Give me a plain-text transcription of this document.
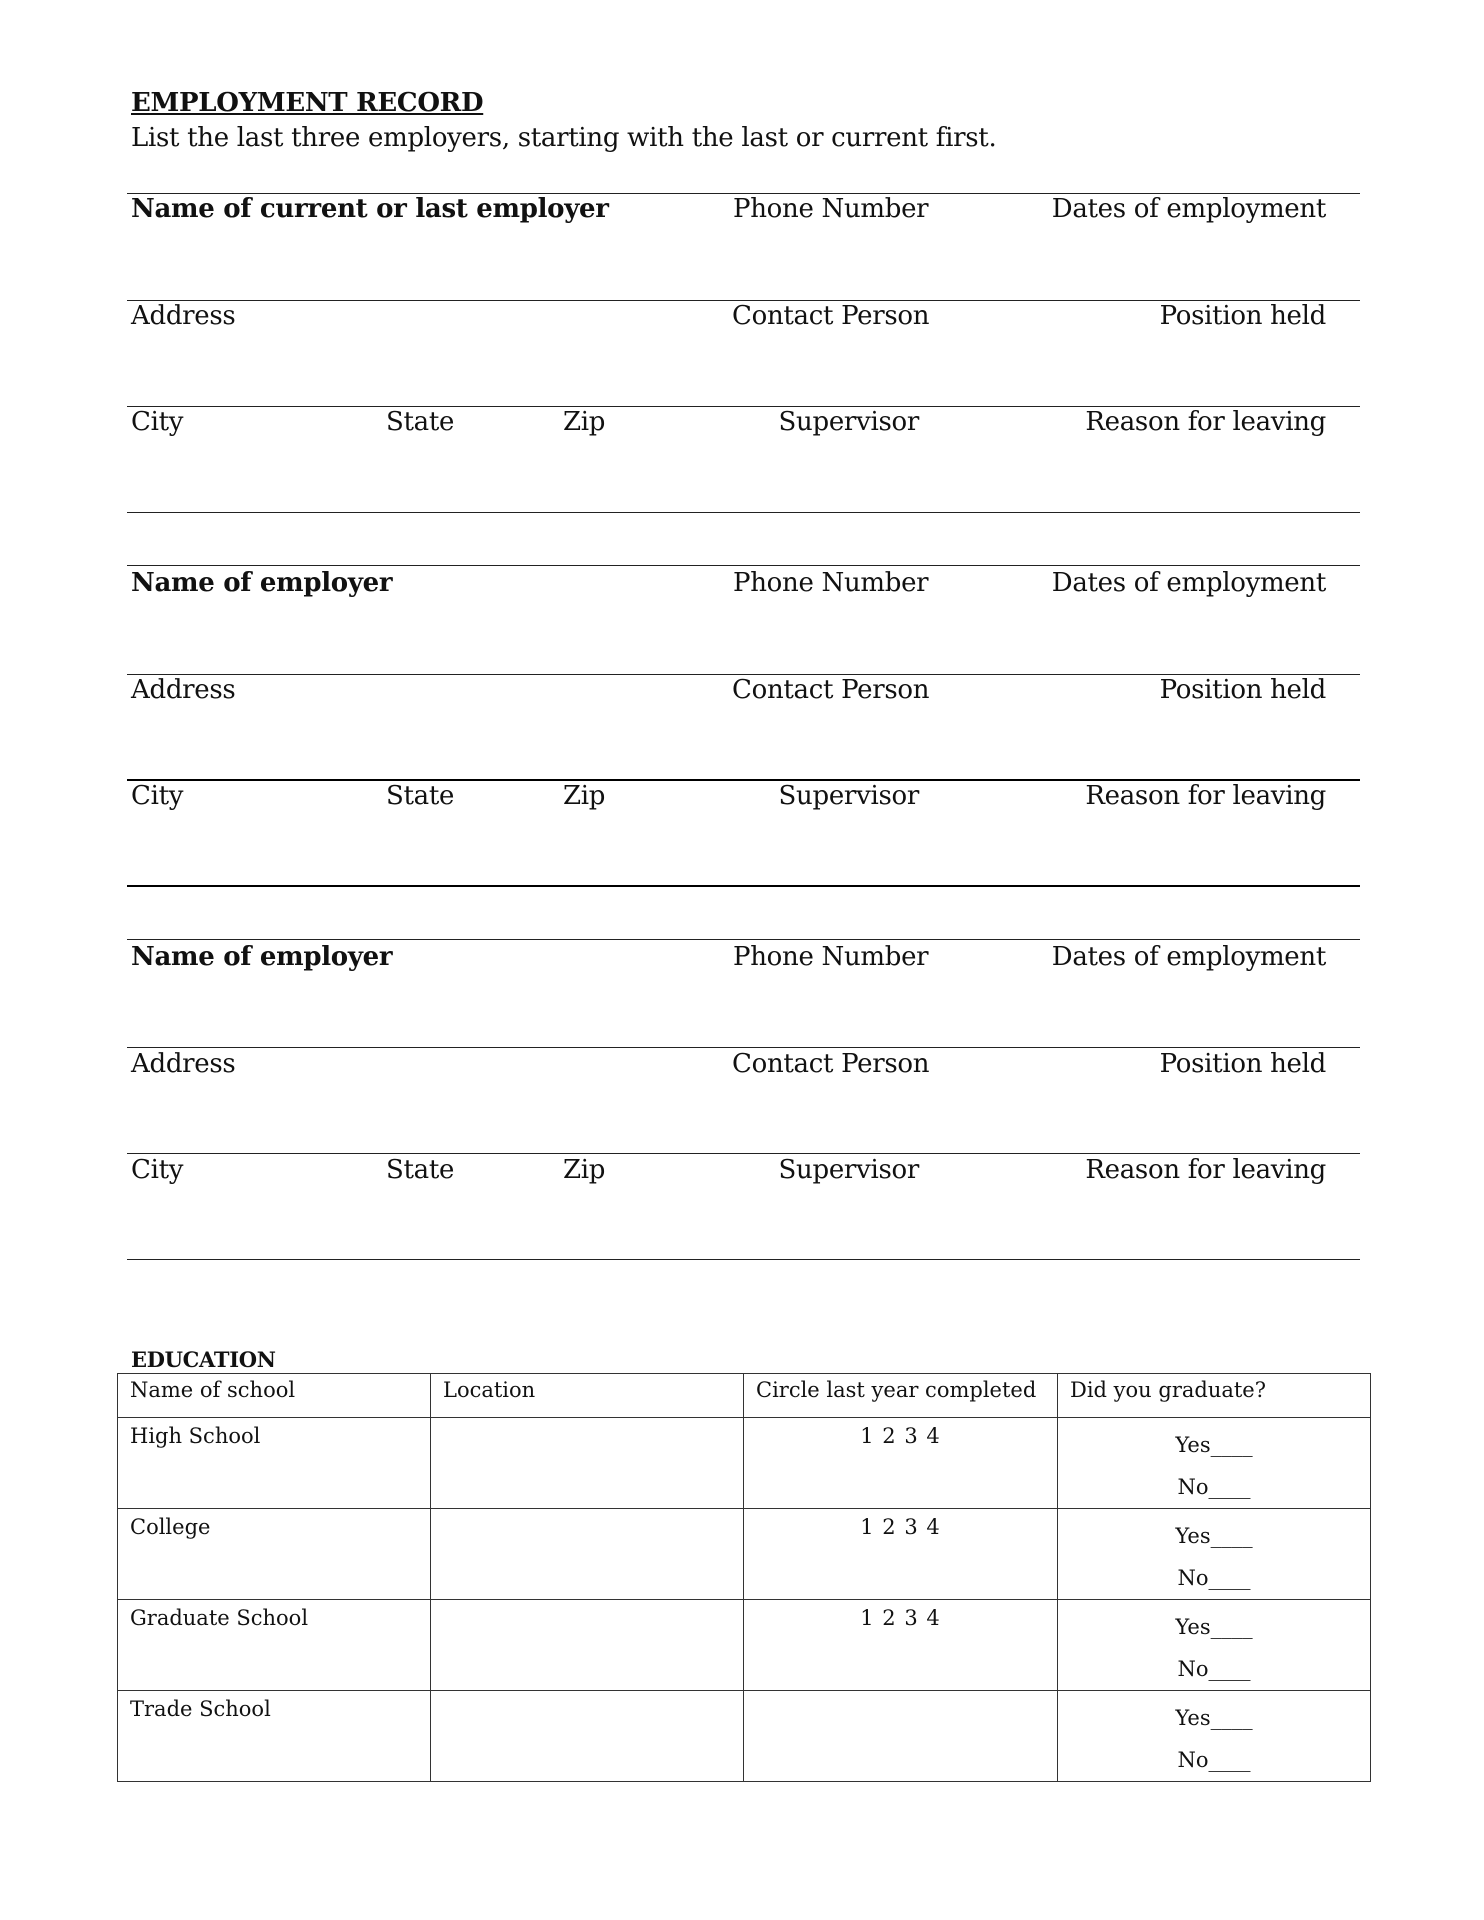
EMPLOYMENT RECORD
List the last three employers, starting with the last or current first.
Name of current or last employer	Phone Number	Dates of employment
Address	Contact Person	Position held
City	State	Zip	Supervisor	Reason for leaving
Name of employer	Phone Number	Dates of employment
Address	Contact Person	Position held
City	State	Zip	Supervisor	Reason for leaving
Name of employer	Phone Number	Dates of employment
Address	Contact Person	Position held
City	State	Zip	Supervisor	Reason for leaving
EDUCATION
Name of school	Location	Circle last year completed	Did you graduate?

High School		1 2 3 4	Yes____
No____

College		1 2 3 4	Yes____
No____

Graduate School		1 2 3 4	Yes____
No____

Trade School			Yes____
No____
